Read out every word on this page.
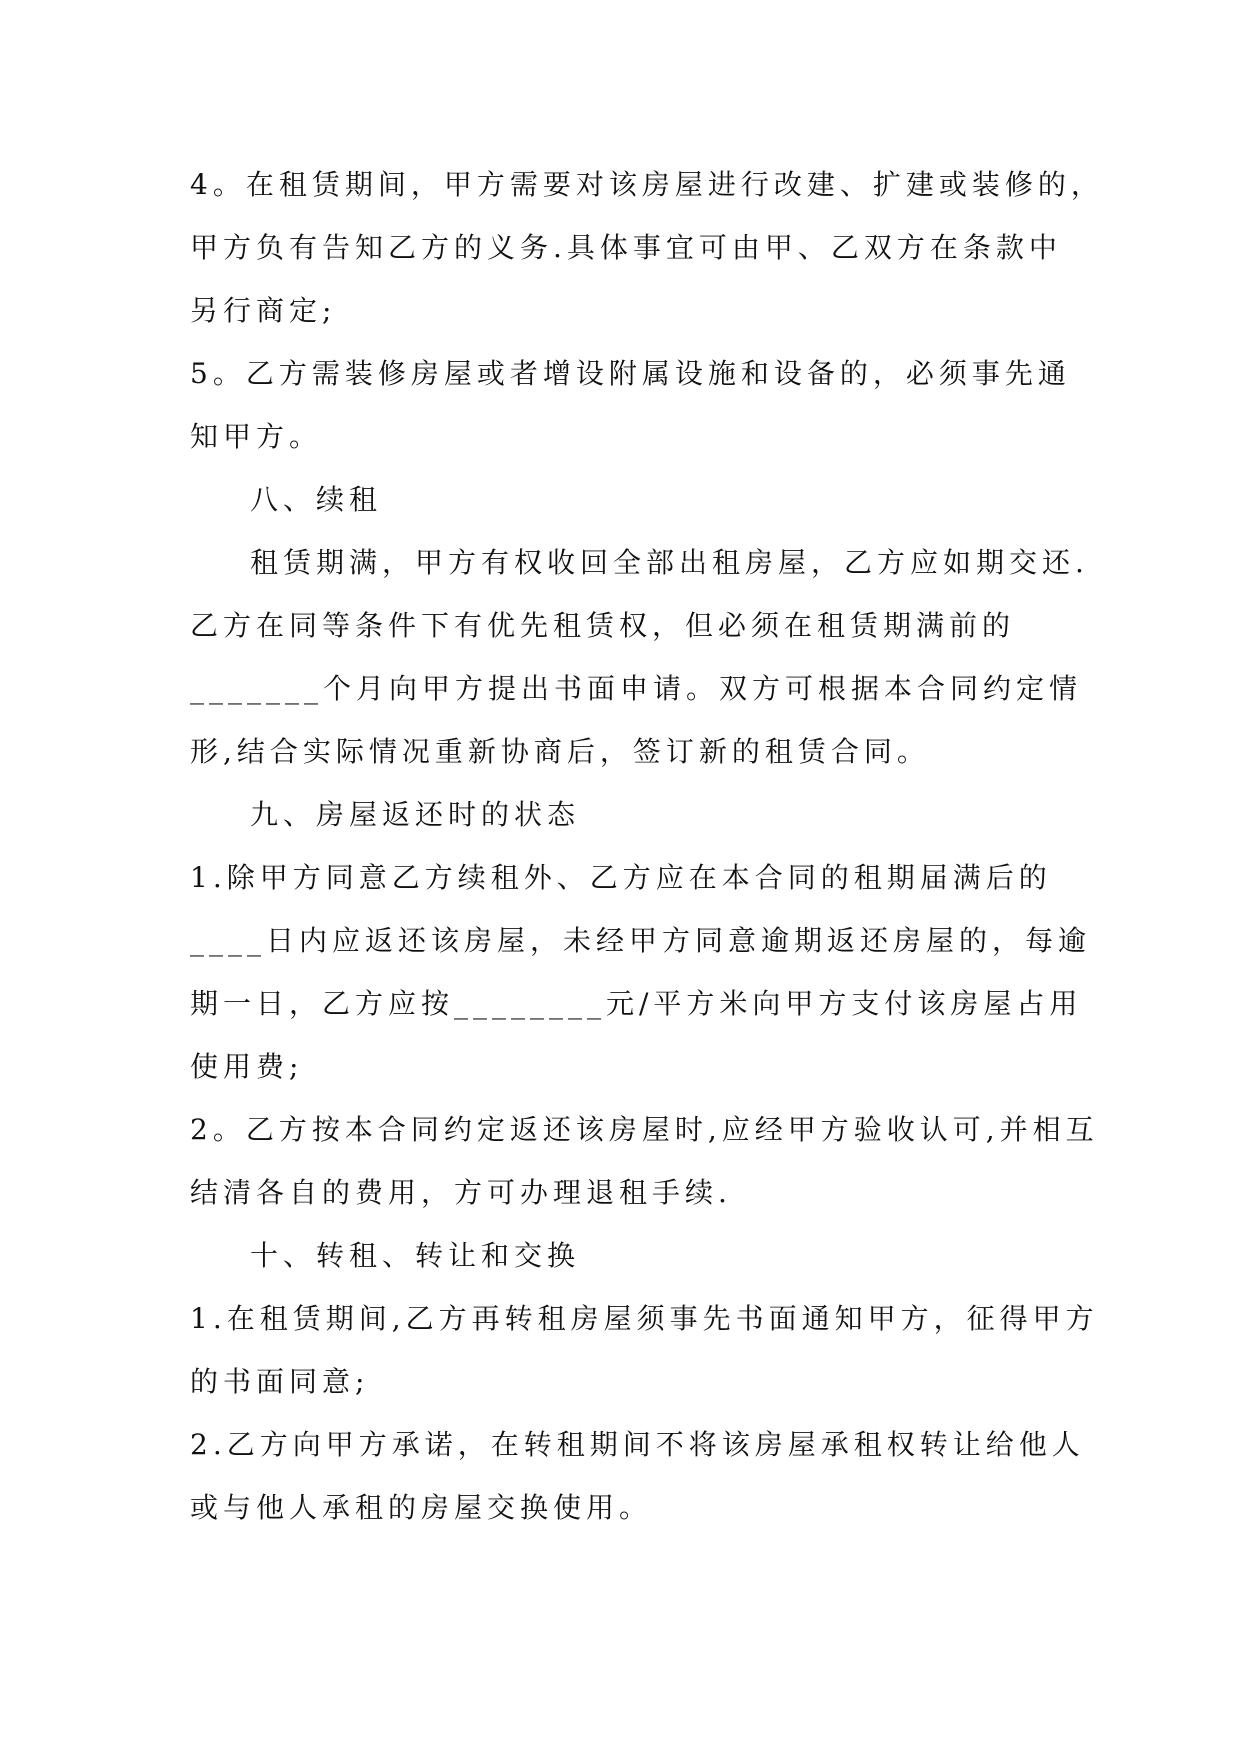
4。在租赁期间，甲方需要对该房屋进行改建、扩建或装修的，
甲方负有告知乙方的义务.具体事宜可由甲、乙双方在条款中
另行商定;
5。乙方需装修房屋或者增设附属设施和设备的，必须事先通
知甲方。
八、续租
租赁期满，甲方有权收回全部出租房屋，乙方应如期交还.
乙方在同等条件下有优先租赁权，但必须在租赁期满前的
_______个月向甲方提出书面申请。双方可根据本合同约定情
形,结合实际情况重新协商后，签订新的租赁合同。
九、房屋返还时的状态
1.除甲方同意乙方续租外、乙方应在本合同的租期届满后的
____日内应返还该房屋，未经甲方同意逾期返还房屋的，每逾
期一日，乙方应按________元/平方米向甲方支付该房屋占用
使用费;
2。乙方按本合同约定返还该房屋时,应经甲方验收认可,并相互
结清各自的费用，方可办理退租手续.
十、转租、转让和交换
1.在租赁期间,乙方再转租房屋须事先书面通知甲方，征得甲方
的书面同意;
2.乙方向甲方承诺，在转租期间不将该房屋承租权转让给他人
或与他人承租的房屋交换使用。
